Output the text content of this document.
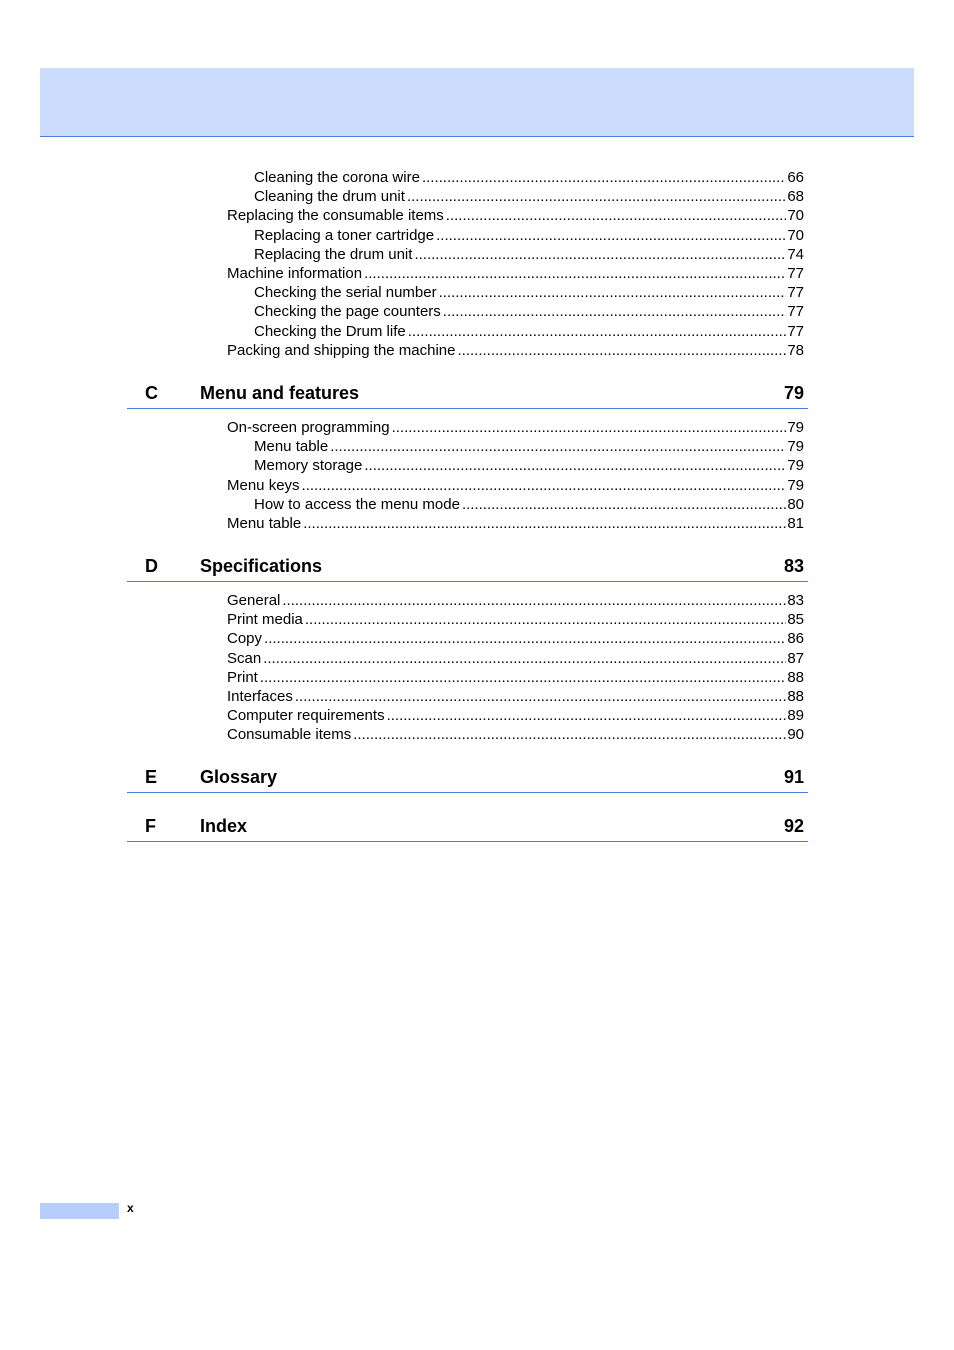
Cleaning the corona wire .....	66
Cleaning the drum unit .....	68
Replacing the consumable items .....	70
Replacing a toner cartridge .....	70
Replacing the drum unit .....	74
Machine information .....	77
Checking the serial number .....	77
Checking the page counters .....	77
Checking the Drum life .....	77
Packing and shipping the machine .....	78
C Menu and features	79
On-screen programming .....	79
Menu table .....	79
Memory storage .....	79
Menu keys .....	79
How to access the menu mode .....	80
Menu table .....	81
D Specifications	83
General .....	83
Print media .....	85
Copy .....	86
Scan .....	87
Print .....	88
Interfaces .....	88
Computer requirements .....	89
Consumable items .....	90
E Glossary	91
F Index	92
x
